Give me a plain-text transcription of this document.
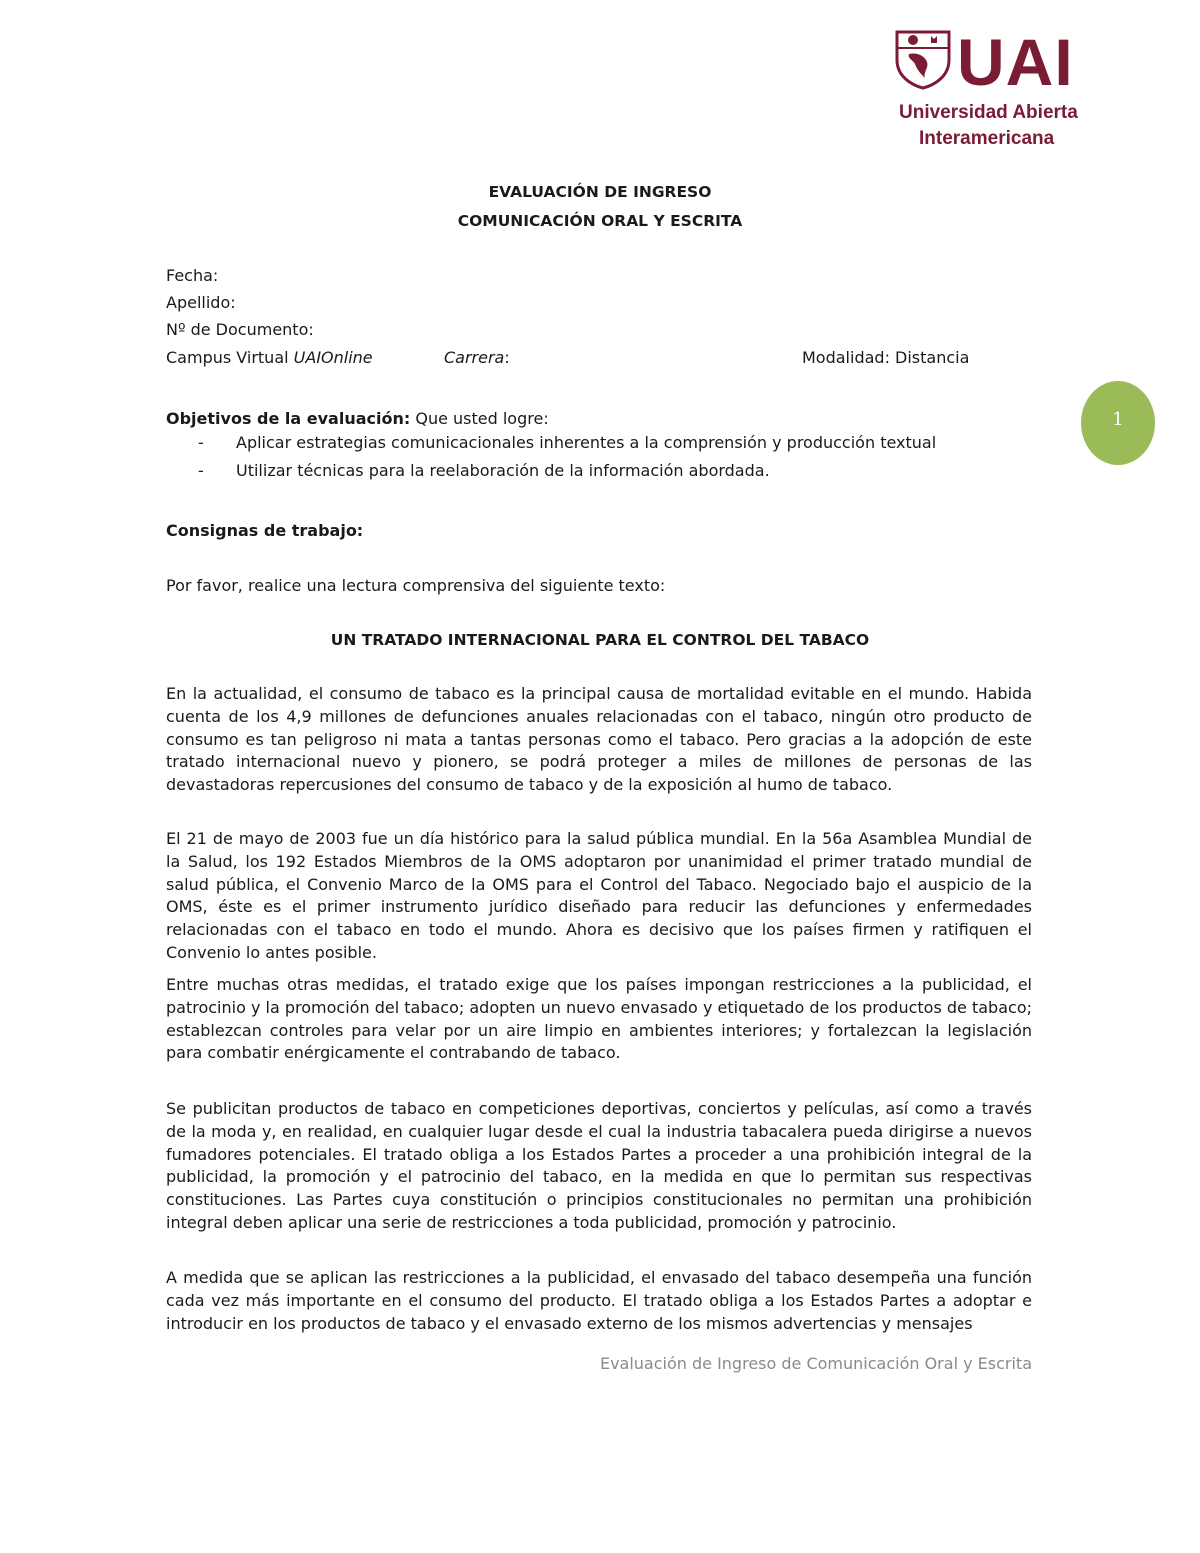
UAI
Universidad Abierta
Interamericana
EVALUACIÓN DE INGRESO
COMUNICACIÓN ORAL Y ESCRITA
Fecha:
Apellido:
Nº de Documento:
Campus Virtual UAIOnline	Carrera:	Modalidad: Distancia
1
Objetivos de la evaluación: Que usted logre:
- Aplicar estrategias comunicacionales inherentes a la comprensión y producción textual
- Utilizar técnicas para la reelaboración de la información abordada.
Consignas de trabajo:
Por favor, realice una lectura comprensiva del siguiente texto:
UN TRATADO INTERNACIONAL PARA EL CONTROL DEL TABACO
En la actualidad, el consumo de tabaco es la principal causa de mortalidad evitable en el mundo. Habida cuenta de los 4,9 millones de defunciones anuales relacionadas con el tabaco, ningún otro producto de consumo es tan peligroso ni mata a tantas personas como el tabaco. Pero gracias a la adopción de este tratado internacional nuevo y pionero, se podrá proteger a miles de millones de personas de las devastadoras repercusiones del consumo de tabaco y de la exposición al humo de tabaco.
El 21 de mayo de 2003 fue un día histórico para la salud pública mundial. En la 56a Asamblea Mundial de la Salud, los 192 Estados Miembros de la OMS adoptaron por unanimidad el primer tratado mundial de salud pública, el Convenio Marco de la OMS para el Control del Tabaco. Negociado bajo el auspicio de la OMS, éste es el primer instrumento jurídico diseñado para reducir las defunciones y enfermedades relacionadas con el tabaco en todo el mundo. Ahora es decisivo que los países firmen y ratifiquen el Convenio lo antes posible.
Entre muchas otras medidas, el tratado exige que los países impongan restricciones a la publicidad, el patrocinio y la promoción del tabaco; adopten un nuevo envasado y etiquetado de los productos de tabaco; establezcan controles para velar por un aire limpio en ambientes interiores; y fortalezcan la legislación para combatir enérgicamente el contrabando de tabaco.
Se publicitan productos de tabaco en competiciones deportivas, conciertos y películas, así como a través de la moda y, en realidad, en cualquier lugar desde el cual la industria tabacalera pueda dirigirse a nuevos fumadores potenciales. El tratado obliga a los Estados Partes a proceder a una prohibición integral de la publicidad, la promoción y el patrocinio del tabaco, en la medida en que lo permitan sus respectivas constituciones. Las Partes cuya constitución o principios constitucionales no permitan una prohibición integral deben aplicar una serie de restricciones a toda publicidad, promoción y patrocinio.
A medida que se aplican las restricciones a la publicidad, el envasado del tabaco desempeña una función cada vez más importante en el consumo del producto. El tratado obliga a los Estados Partes a adoptar e introducir en los productos de tabaco y el envasado externo de los mismos advertencias y mensajes
Evaluación de Ingreso de Comunicación Oral y Escrita
